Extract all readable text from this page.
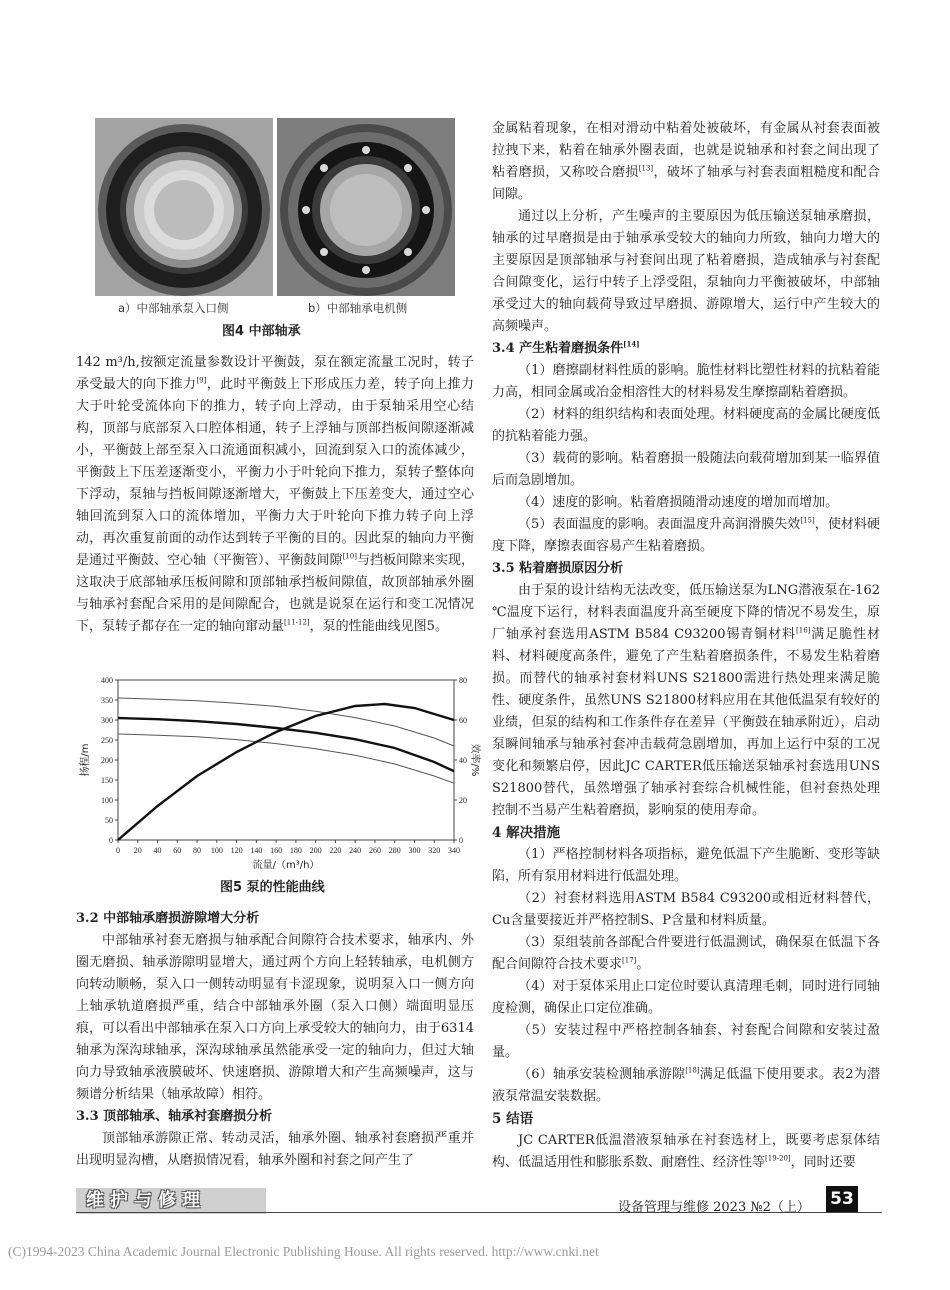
a）中部轴承泵入口侧	b）中部轴承电机侧
图4 中部轴承

142 m³/h,按额定流量参数设计平衡鼓，泵在额定流量工况时，转子承受最大的向下推力[9]，此时平衡鼓上下形成压力差，转子向上推力大于叶轮受流体向下的推力，转子向上浮动，由于泵轴采用空心结构，顶部与底部泵入口腔体相通，转子上浮轴与顶部挡板间隙逐渐减小，平衡鼓上部至泵入口流通面积减小，回流到泵入口的流体减少，平衡鼓上下压差逐渐变小，平衡力小于叶轮向下推力，泵转子整体向下浮动，泵轴与挡板间隙逐渐增大，平衡鼓上下压差变大，通过空心轴回流到泵入口的流体增加，平衡力大于叶轮向下推力转子向上浮动，再次重复前面的动作达到转子平衡的目的。因此泵的轴向力平衡是通过平衡鼓、空心轴（平衡管）、平衡鼓间隙[10]与挡板间隙来实现，这取决于底部轴承压板间隙和顶部轴承挡板间隙值，故顶部轴承外圈与轴承衬套配合采用的是间隙配合，也就是说泵在运行和变工况情况下，泵转子都存在一定的轴向窜动量[11-12]，泵的性能曲线见图5。

0 20 40 60 80 100 120 140 160 180 200 220 240 260 280 300 320 340
0
50
100
150
200
250
300
350
400
0
20
40
60
80
流量/（m³/h）
扬程/m	效率/%
图5 泵的性能曲线

3.2 中部轴承磨损游隙增大分析

中部轴承衬套无磨损与轴承配合间隙符合技术要求，轴承内、外圈无磨损、轴承游隙明显增大，通过两个方向上轻转轴承，电机侧方向转动顺畅，泵入口一侧转动明显有卡涩现象，说明泵入口一侧方向上轴承轨道磨损严重，结合中部轴承外圈（泵入口侧）端面明显压痕，可以看出中部轴承在泵入口方向上承受较大的轴向力，由于6314轴承为深沟球轴承，深沟球轴承虽然能承受一定的轴向力，但过大轴向力导致轴承液膜破坏、快速磨损、游隙增大和产生高频噪声，这与频谱分析结果（轴承故障）相符。

3.3 顶部轴承、轴承衬套磨损分析

顶部轴承游隙正常、转动灵活，轴承外圈、轴承衬套磨损严重并出现明显沟槽，从磨损情况看，轴承外圈和衬套之间产生了

金属粘着现象，在相对滑动中粘着处被破坏，有金属从衬套表面被拉拽下来，粘着在轴承外圈表面，也就是说轴承和衬套之间出现了粘着磨损，又称咬合磨损[13]，破坏了轴承与衬套表面粗糙度和配合间隙。

通过以上分析，产生噪声的主要原因为低压输送泵轴承磨损，轴承的过早磨损是由于轴承承受较大的轴向力所致，轴向力增大的主要原因是顶部轴承与衬套间出现了粘着磨损，造成轴承与衬套配合间隙变化，运行中转子上浮受阻，泵轴向力平衡被破坏，中部轴承受过大的轴向载荷导致过早磨损、游隙增大，运行中产生较大的高频噪声。

3.4 产生粘着磨损条件[14]

（1）磨擦副材料性质的影响。脆性材料比塑性材料的抗粘着能力高，相同金属或冶金相溶性大的材料易发生摩擦副粘着磨损。

（2）材料的组织结构和表面处理。材料硬度高的金属比硬度低的抗粘着能力强。

（3）载荷的影响。粘着磨损一般随法向载荷增加到某一临界值后而急剧增加。

（4）速度的影响。粘着磨损随滑动速度的增加而增加。

（5）表面温度的影响。表面温度升高润滑膜失效[15]，使材料硬度下降，摩擦表面容易产生粘着磨损。

3.5 粘着磨损原因分析

由于泵的设计结构无法改变，低压输送泵为LNG潜液泵在-162 ℃温度下运行，材料表面温度升高至硬度下降的情况不易发生，原厂轴承衬套选用ASTM B584 C93200锡青铜材料[16]满足脆性材料、材料硬度高条件，避免了产生粘着磨损条件，不易发生粘着磨损。而替代的轴承衬套材料UNS S21800需进行热处理来满足脆性、硬度条件，虽然UNS S21800材料应用在其他低温泵有较好的业绩，但泵的结构和工作条件存在差异（平衡鼓在轴承附近），启动泵瞬间轴承与轴承衬套冲击载荷急剧增加，再加上运行中泵的工况变化和频繁启停，因此JC CARTER低压输送泵轴承衬套选用UNS S21800替代，虽然增强了轴承衬套综合机械性能，但衬套热处理控制不当易产生粘着磨损，影响泵的使用寿命。

4 解决措施

（1）严格控制材料各项指标，避免低温下产生脆断、变形等缺陷，所有泵用材料进行低温处理。

（2）衬套材料选用ASTM B584 C93200或相近材料替代，Cu含量要接近并严格控制S、P含量和材料质量。

（3）泵组装前各部配合件要进行低温测试，确保泵在低温下各配合间隙符合技术要求[17]。

（4）对于泵体采用止口定位时要认真清理毛刺，同时进行同轴度检测，确保止口定位准确。

（5）安装过程中严格控制各轴套、衬套配合间隙和安装过盈量。

（6）轴承安装检测轴承游隙[18]满足低温下使用要求。表2为潜液泵常温安装数据。

5 结语

JC CARTER低温潜液泵轴承在衬套选材上，既要考虑泵体结构、低温适用性和膨胀系数、耐磨性、经济性等[19-20]，同时还要

维护与修理	设备管理与维修 2023 №2（上） 53
(C)1994-2023 China Academic Journal Electronic Publishing House. All rights reserved. http://www.cnki.net
